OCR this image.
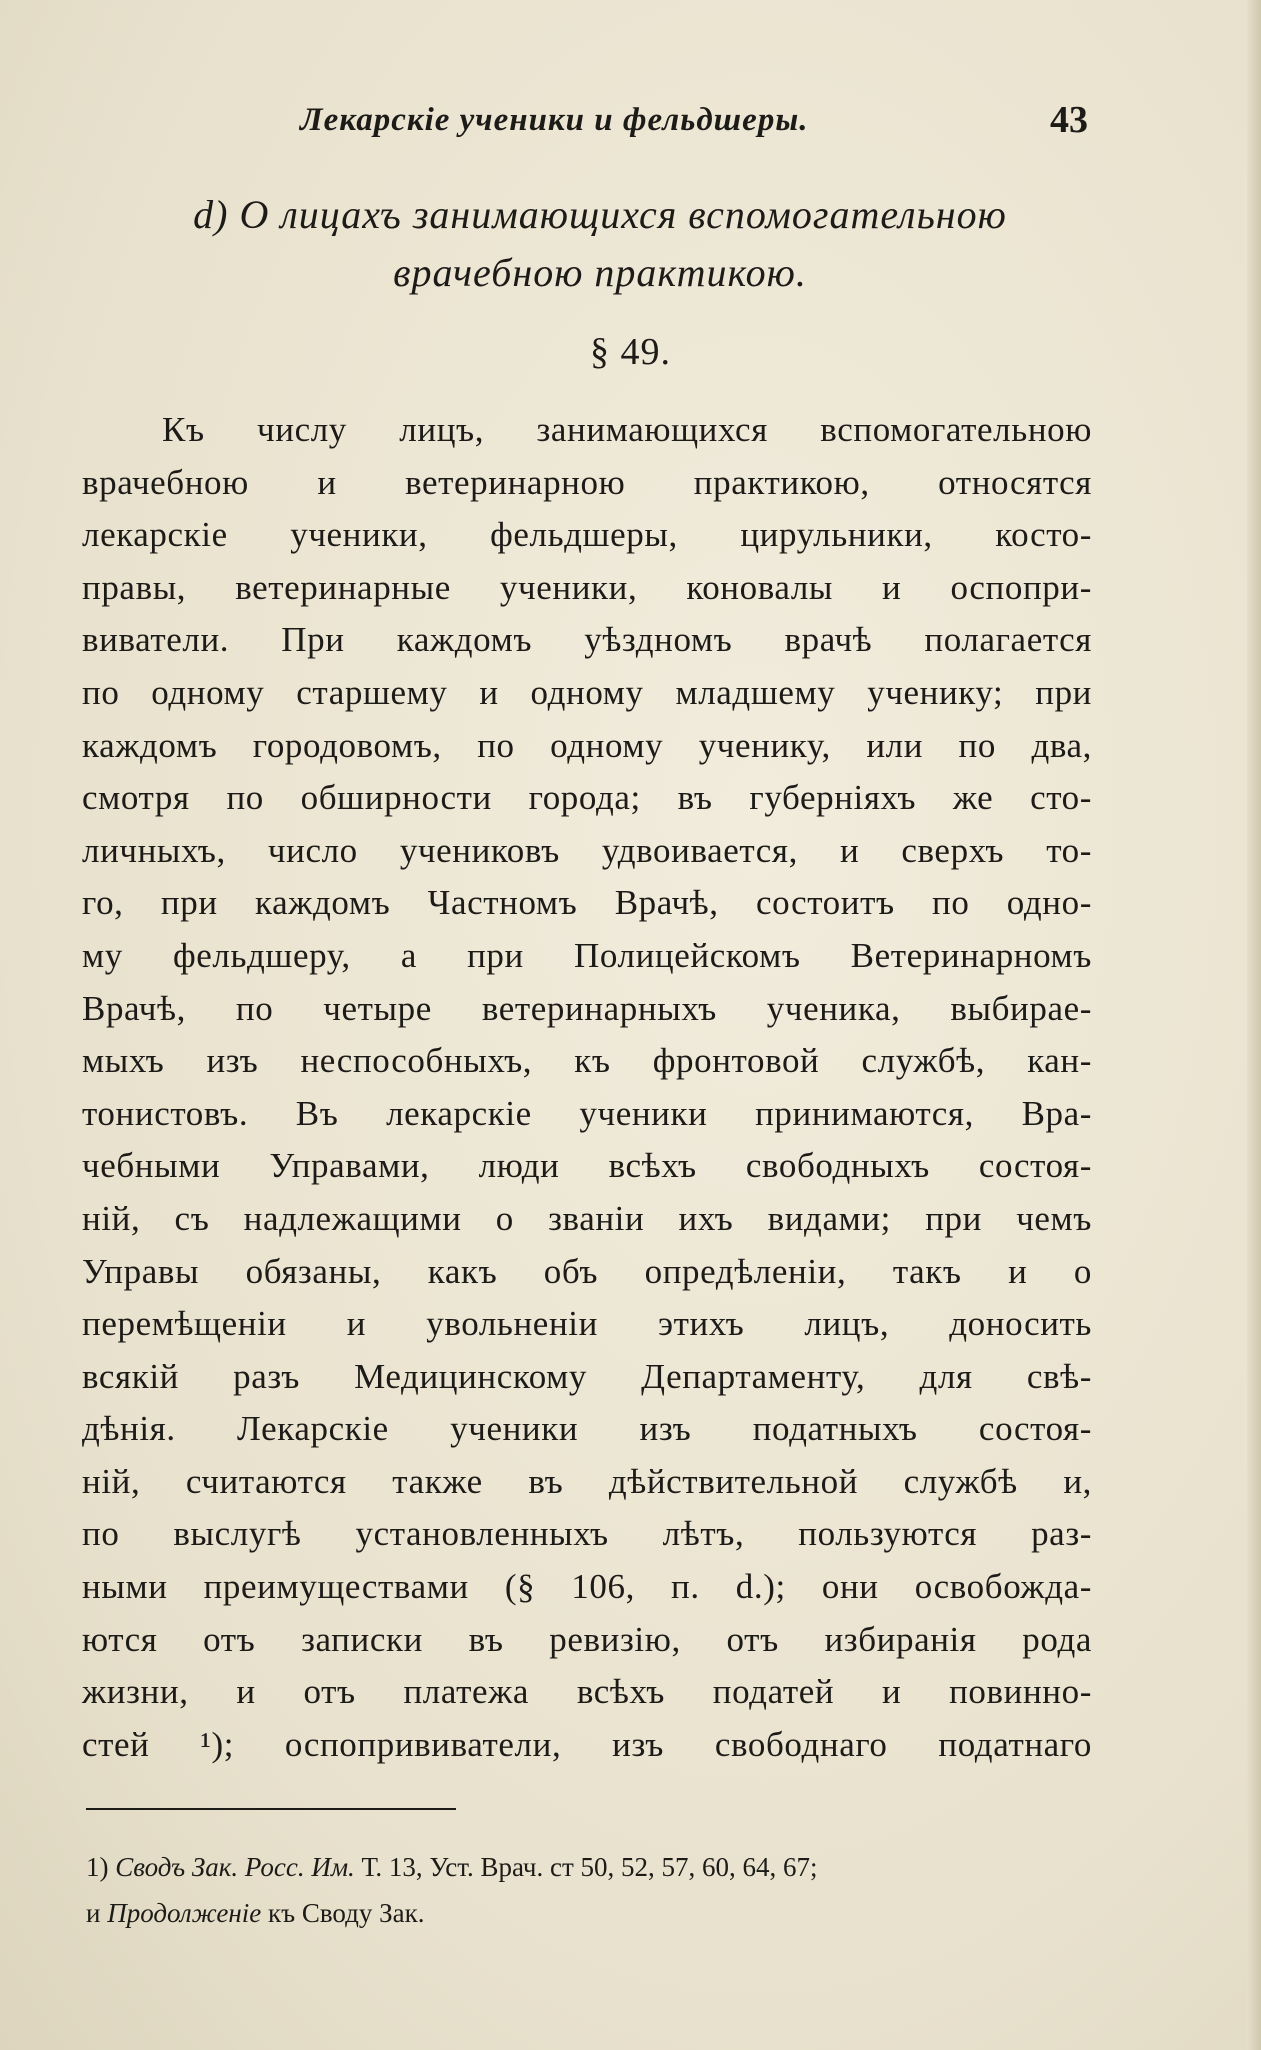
Лекарскіе ученики и фельдшеры.	43
d) О лицахъ занимающихся вспомогательною
врачебною практикою.
§ 49.
Къ числу лицъ, занимающихся вспомогательною
врачебною и ветеринарною практикою, относятся
лекарскіе ученики, фельдшеры, цирульники, косто-
правы, ветеринарные ученики, коновалы и оспопри-
виватели. При каждомъ уѣздномъ врачѣ полагается
по одному старшему и одному младшему ученику; при
каждомъ городовомъ, по одному ученику, или по два,
смотря по обширности города; въ губерніяхъ же сто-
личныхъ, число учениковъ удвоивается, и сверхъ то-
го, при каждомъ Частномъ Врачѣ, состоитъ по одно-
му фельдшеру, а при Полицейскомъ Ветеринарномъ
Врачѣ, по четыре ветеринарныхъ ученика, выбирае-
мыхъ изъ неспособныхъ, къ фронтовой службѣ, кан-
тонистовъ. Въ лекарскіе ученики принимаются, Вра-
чебными Управами, люди всѣхъ свободныхъ состоя-
ній, съ надлежащими о званіи ихъ видами; при чемъ
Управы обязаны, какъ объ опредѣленіи, такъ и о
перемѣщеніи и увольненіи этихъ лицъ, доносить
всякій разъ Медицинскому Департаменту, для свѣ-
дѣнія. Лекарскіе ученики изъ податныхъ состоя-
ній, считаются также въ дѣйствительной службѣ и,
по выслугѣ установленныхъ лѣтъ, пользуются раз-
ными преимуществами (§ 106, п. d.); они освобожда-
ются отъ записки въ ревизію, отъ избиранія рода
жизни, и отъ платежа всѣхъ податей и повинно-
стей ¹); оспопрививатели, изъ свободнаго податнаго
1) Сводъ Зак. Росс. Им. Т. 13, Уст. Врач. ст 50, 52, 57, 60, 64, 67;
и Продолженіе къ Своду Зак.
